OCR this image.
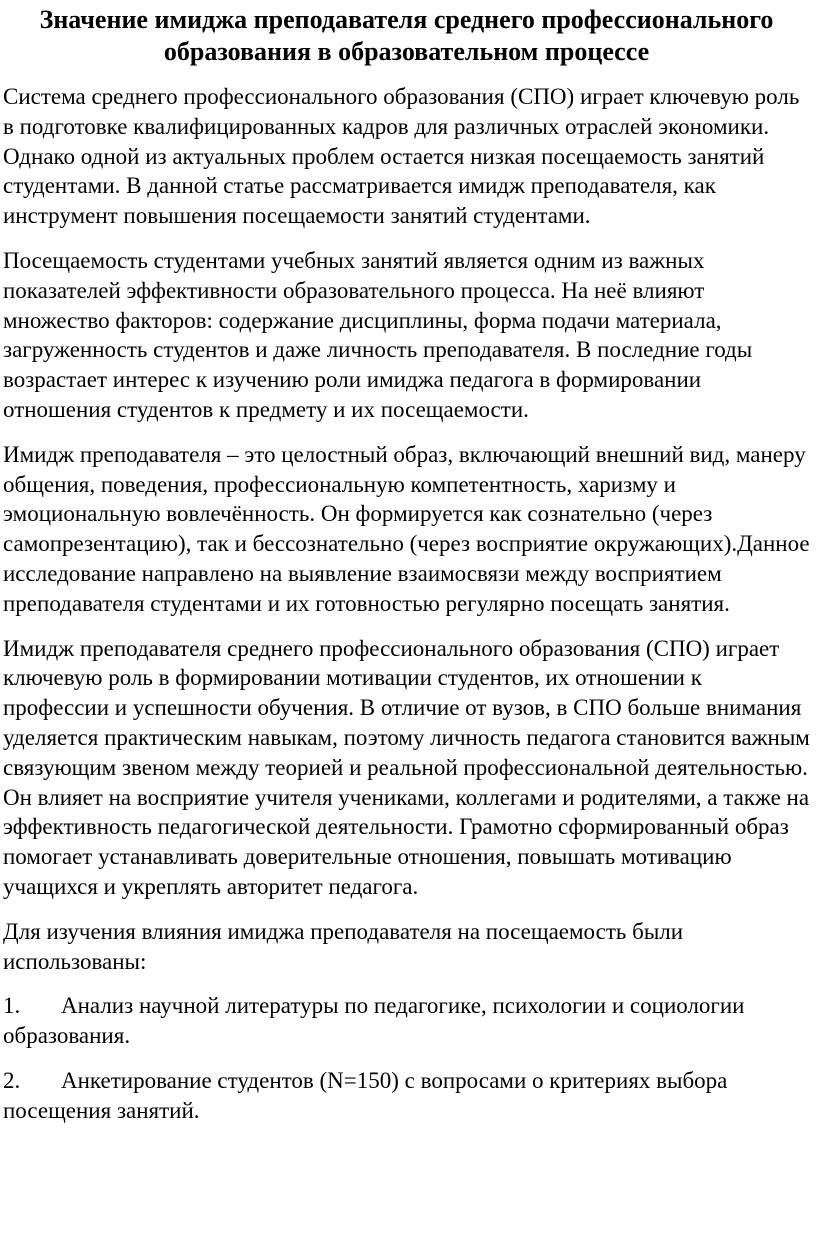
Значение имиджа преподавателя среднего профессионального образования в образовательном процессе

Система среднего профессионального образования (СПО) играет ключевую роль в подготовке квалифицированных кадров для различных отраслей экономики. Однако одной из актуальных проблем остается низкая посещаемость занятий студентами. В данной статье рассматривается имидж преподавателя, как инструмент повышения посещаемости занятий студентами.

Посещаемость студентами учебных занятий является одним из важных показателей эффективности образовательного процесса. На неё влияют множество факторов: содержание дисциплины, форма подачи материала, загруженность студентов и даже личность преподавателя. В последние годы возрастает интерес к изучению роли имиджа педагога в формировании отношения студентов к предмету и их посещаемости.

Имидж преподавателя – это целостный образ, включающий внешний вид, манеру общения, поведения, профессиональную компетентность, харизму и эмоциональную вовлечённость. Он формируется как сознательно (через самопрезентацию), так и бессознательно (через восприятие окружающих).Данное исследование направлено на выявление взаимосвязи между восприятием преподавателя студентами и их готовностью регулярно посещать занятия.

Имидж преподавателя среднего профессионального образования (СПО) играет ключевую роль в формировании мотивации студентов, их отношении к профессии и успешности обучения. В отличие от вузов, в СПО больше внимания уделяется практическим навыкам, поэтому личность педагога становится важным связующим звеном между теорией и реальной профессиональной деятельностью. Он влияет на восприятие учителя учениками, коллегами и родителями, а также на эффективность педагогической деятельности. Грамотно сформированный образ помогает устанавливать доверительные отношения, повышать мотивацию учащихся и укреплять авторитет педагога.

Для изучения влияния имиджа преподавателя на посещаемость были использованы:

1. Анализ научной литературы по педагогике, психологии и социологии образования.
2. Анкетирование студентов (N=150) с вопросами о критериях выбора посещения занятий.
